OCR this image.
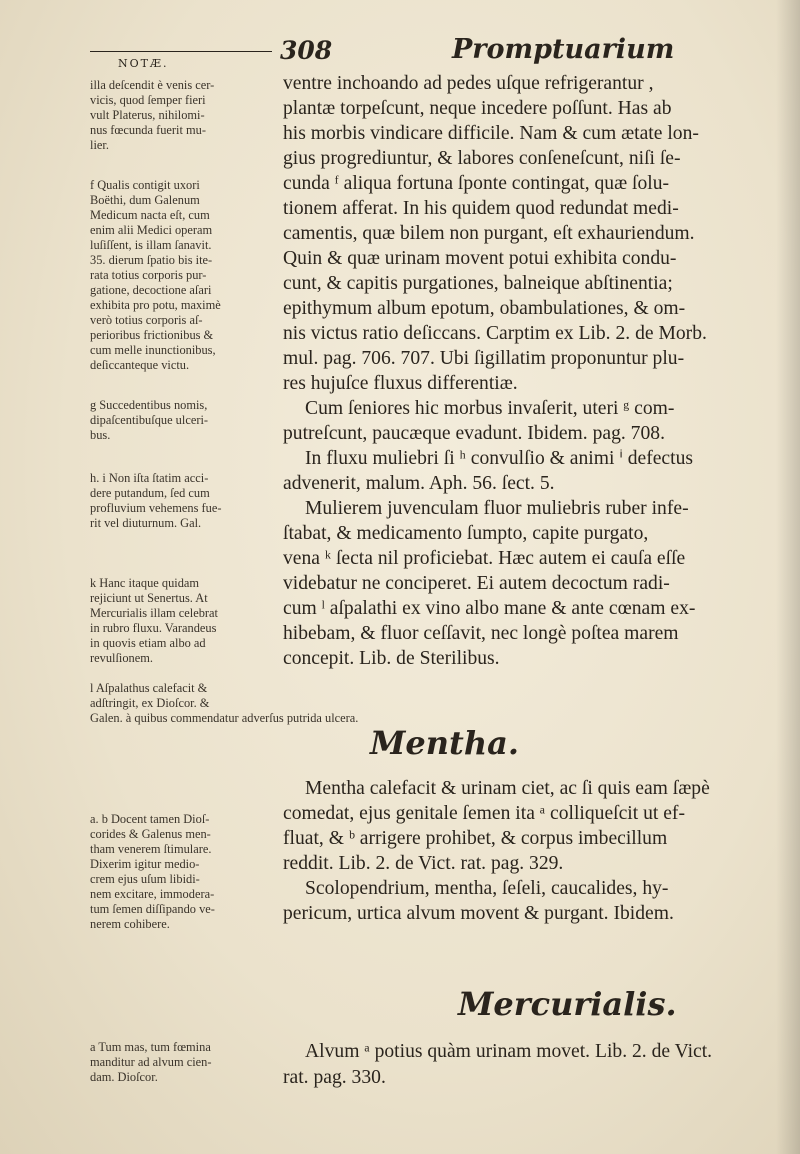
NOTÆ.	308	Promptuarium
illa deſcendit è venis cer-
vicis, quod ſemper fieri
vult Platerus, nihilomi-
nus fœcunda fuerit mu-
lier.
f Qualis contigit uxori
Boëthi, dum Galenum
Medicum nacta eſt, cum
enim alii Medici operam
luſiſſent, is illam ſanavit.
35. dierum ſpatio bis ite-
rata totius corporis pur-
gatione, decoctione aſari
exhibita pro potu, maximè
verò totius corporis aſ-
perioribus frictionibus &
cum melle inunctionibus,
deſiccanteque victu.
g Succedentibus nomis,
dipaſcentibuſque ulceri-
bus.
h. i Non iſta ſtatim acci-
dere putandum, ſed cum
profluvium vehemens fue-
rit vel diuturnum. Gal.
k Hanc itaque quidam
rejiciunt ut Senertus. At
Mercurialis illam celebrat
in rubro fluxu. Varandeus
in quovis etiam albo ad
revulſionem.
l Aſpalathus calefacit &
adſtringit, ex Dioſcor. &
Galen. à quibus commendatur adverſus putrida ulcera.
ventre inchoando ad pedes uſque refrigerantur ,
plantæ torpeſcunt, neque incedere poſſunt. Has ab
his morbis vindicare difficile. Nam & cum ætate lon-
gius progrediuntur, & labores conſeneſcunt, niſi ſe-
cunda ᶠ aliqua fortuna ſponte contingat, quæ ſolu-
tionem afferat. In his quidem quod redundat medi-
camentis, quæ bilem non purgant, eſt exhauriendum.
Quin & quæ urinam movent potui exhibita condu-
cunt, & capitis purgationes, balneique abſtinentia;
epithymum album epotum, obambulationes, & om-
nis victus ratio deſiccans. Carptim ex Lib. 2. de Morb.
mul. pag. 706. 707. Ubi ſigillatim proponuntur plu-
res hujuſce fluxus differentiæ.
Cum ſeniores hic morbus invaſerit, uteri ᵍ com-
putreſcunt, paucæque evadunt. Ibidem. pag. 708.
In fluxu muliebri ſi ʰ convulſio & animi ⁱ defectus
advenerit, malum. Aph. 56. ſect. 5.
Mulierem juvenculam fluor muliebris ruber infe-
ſtabat, & medicamento ſumpto, capite purgato,
vena ᵏ ſecta nil proficiebat. Hæc autem ei cauſa eſſe
videbatur ne conciperet. Ei autem decoctum radi-
cum ˡ aſpalathi ex vino albo mane & ante cœnam ex-
hibebam, & fluor ceſſavit, nec longè poſtea marem
concepit. Lib. de Sterilibus.
Mentha.
Mentha calefacit & urinam ciet, ac ſi quis eam ſæpè
comedat, ejus genitale ſemen ita ᵃ colliqueſcit ut ef-
fluat, & ᵇ arrigere prohibet, & corpus imbecillum
reddit. Lib. 2. de Vict. rat. pag. 329.
Scolopendrium, mentha, ſeſeli, caucalides, hy-
pericum, urtica alvum movent & purgant. Ibidem.
a. b Docent tamen Dioſ-
corides & Galenus men-
tham venerem ſtimulare.
Dixerim igitur medio-
crem ejus uſum libidi-
nem excitare, immodera-
tum ſemen diſſipando ve-
nerem cohibere.
Mercurialis.
Alvum ᵃ potius quàm urinam movet. Lib. 2. de Vict.
rat. pag. 330.
a Tum mas, tum fœmina
manditur ad alvum cien-
dam. Dioſcor.
